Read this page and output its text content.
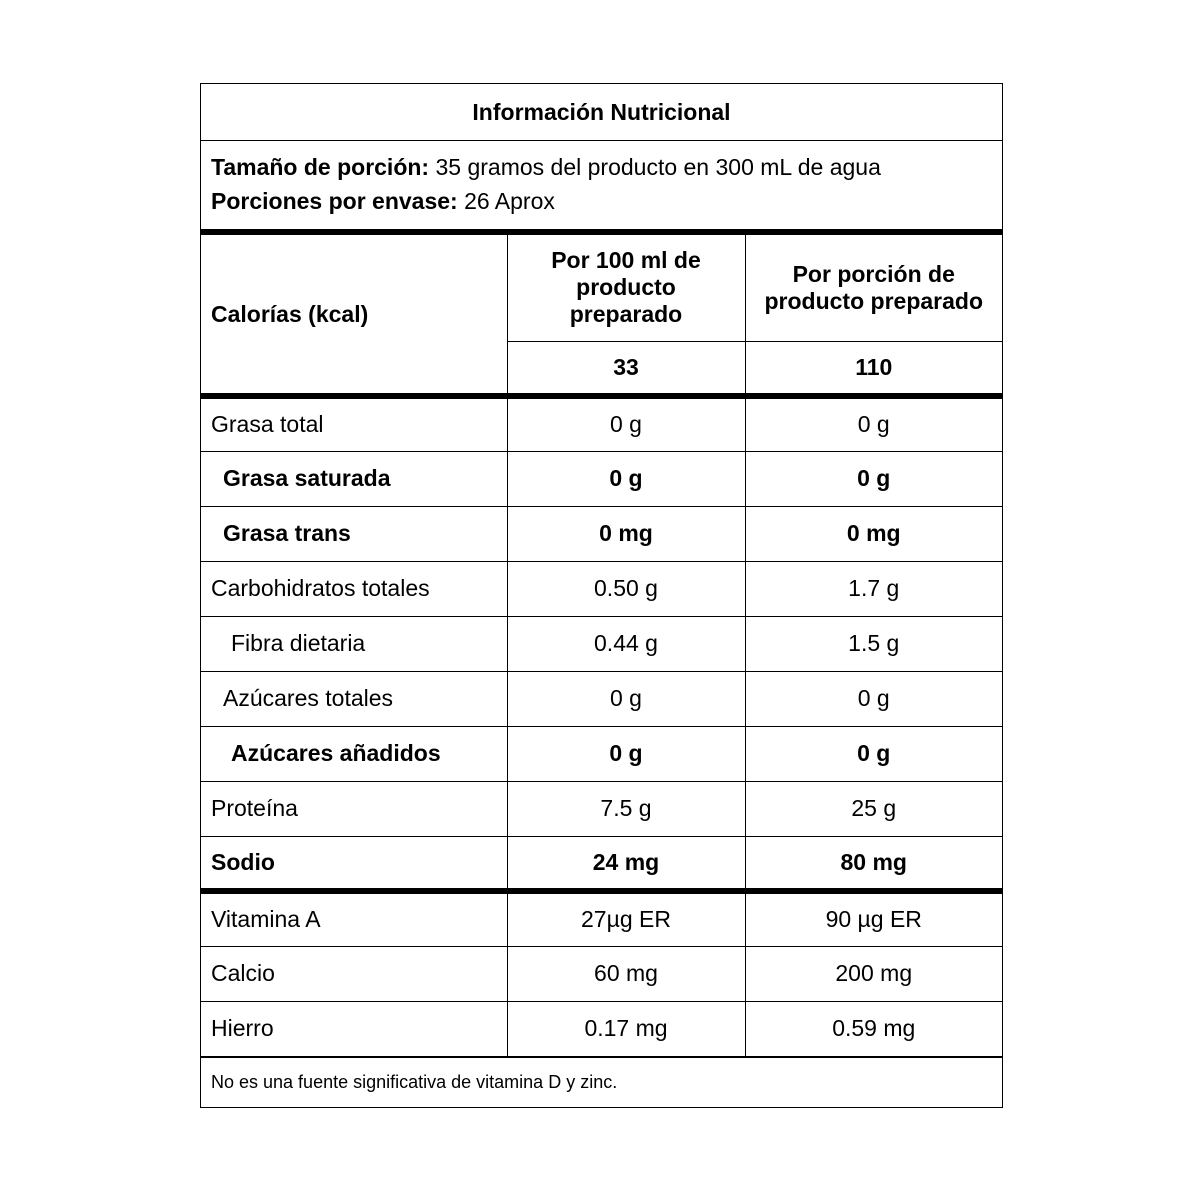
Información Nutricional
Tamaño de porción: 35 gramos del producto en 300 mL de agua
Porciones por envase: 26 Aprox
Calorías (kcal)	Por 100 ml de producto preparado	Por porción de producto preparado

	33	110
Grasa total	0 g	0 g
Grasa saturada	0 g	0 g
Grasa trans	0 mg	0 mg
Carbohidratos totales	0.50 g	1.7 g
Fibra dietaria	0.44 g	1.5 g
Azúcares totales	0 g	0 g
Azúcares añadidos	0 g	0 g
Proteína	7.5 g	25 g
Sodio	24 mg	80 mg
Vitamina A	27µg ER	90 µg ER
Calcio	60 mg	200 mg
Hierro	0.17 mg	0.59 mg
No es una fuente significativa de vitamina D y zinc.
